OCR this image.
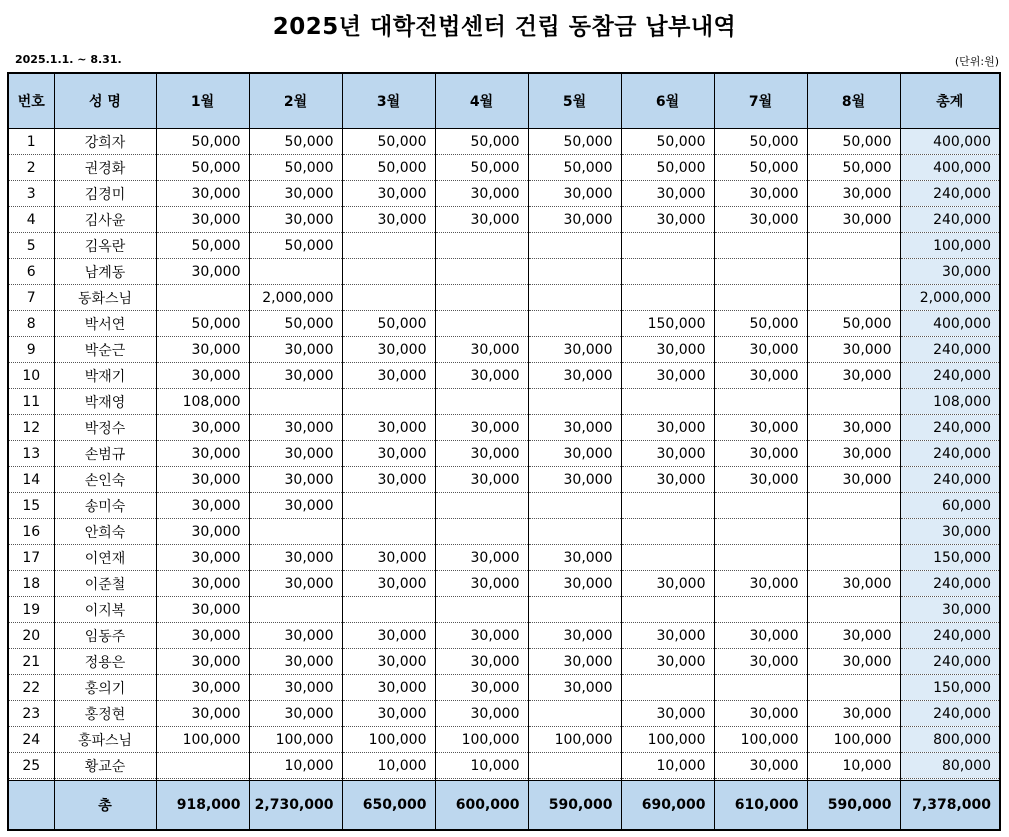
2025년 대학전법센터 건립 동참금 납부내역
2025.1.1. ~ 8.31.	(단위:원)
번호	성 명	1월	2월	3월	4월	5월	6월	7월	8월	총계
1	강희자	50,000	50,000	50,000	50,000	50,000	50,000	50,000	50,000	400,000
2	권경화	50,000	50,000	50,000	50,000	50,000	50,000	50,000	50,000	400,000
3	김경미	30,000	30,000	30,000	30,000	30,000	30,000	30,000	30,000	240,000
4	김사윤	30,000	30,000	30,000	30,000	30,000	30,000	30,000	30,000	240,000
5	김옥란	50,000	50,000							100,000
6	남계동	30,000								30,000
7	동화스님		2,000,000							2,000,000
8	박서연	50,000	50,000	50,000			150,000	50,000	50,000	400,000
9	박순근	30,000	30,000	30,000	30,000	30,000	30,000	30,000	30,000	240,000
10	박재기	30,000	30,000	30,000	30,000	30,000	30,000	30,000	30,000	240,000
11	박재영	108,000								108,000
12	박정수	30,000	30,000	30,000	30,000	30,000	30,000	30,000	30,000	240,000
13	손범규	30,000	30,000	30,000	30,000	30,000	30,000	30,000	30,000	240,000
14	손인숙	30,000	30,000	30,000	30,000	30,000	30,000	30,000	30,000	240,000
15	송미숙	30,000	30,000							60,000
16	안희숙	30,000								30,000
17	이연재	30,000	30,000	30,000	30,000	30,000				150,000
18	이준철	30,000	30,000	30,000	30,000	30,000	30,000	30,000	30,000	240,000
19	이지복	30,000								30,000
20	임동주	30,000	30,000	30,000	30,000	30,000	30,000	30,000	30,000	240,000
21	정용은	30,000	30,000	30,000	30,000	30,000	30,000	30,000	30,000	240,000
22	홍의기	30,000	30,000	30,000	30,000	30,000				150,000
23	홍정현	30,000	30,000	30,000	30,000		30,000	30,000	30,000	240,000
24	홍파스님	100,000	100,000	100,000	100,000	100,000	100,000	100,000	100,000	800,000
25	황교순		10,000	10,000	10,000		10,000	30,000	10,000	80,000

	총	918,000	2,730,000	650,000	600,000	590,000	690,000	610,000	590,000	7,378,000
